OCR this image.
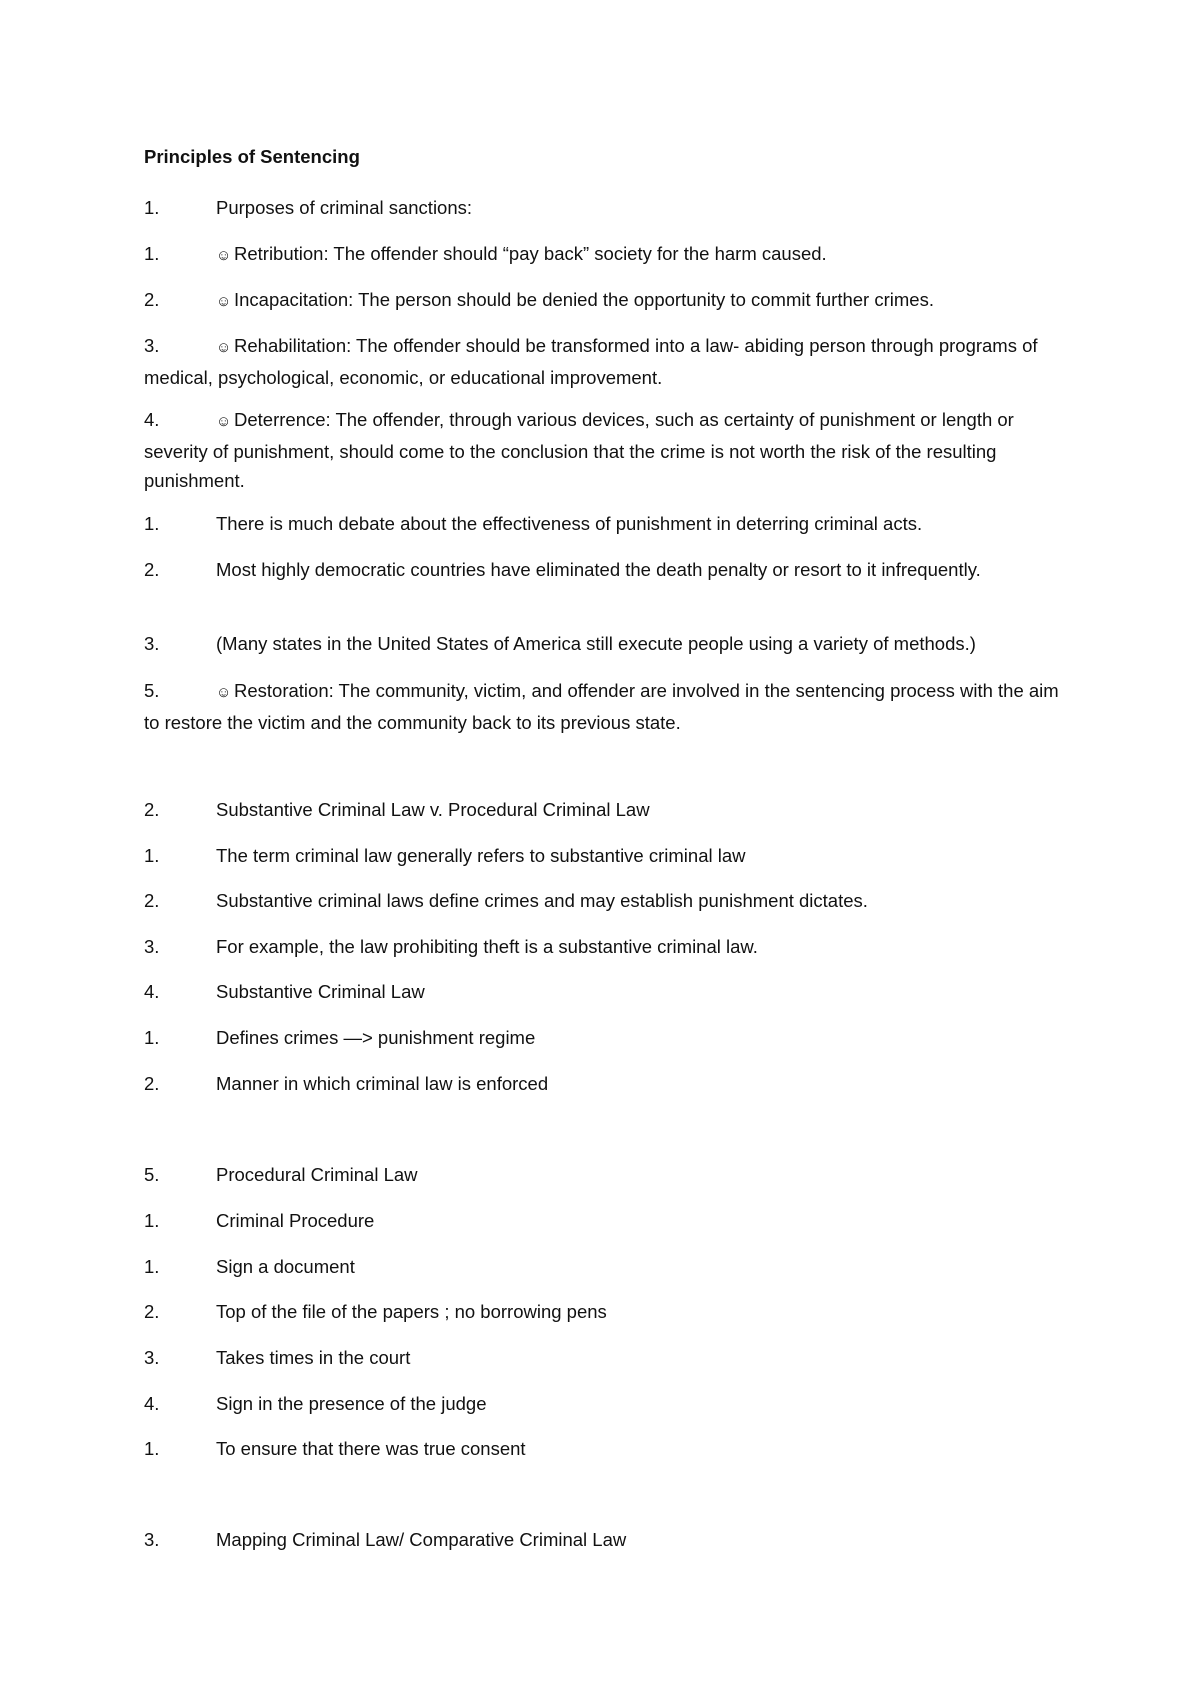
Principles of Sentencing

1.	Purposes of criminal sanctions:

1.	☺ Retribution: The offender should “pay back” society for the harm caused.

2.	☺ Incapacitation: The person should be denied the opportunity to commit further crimes.

3.	☺ Rehabilitation: The offender should be transformed into a law- abiding person through programs of medical, psychological, economic, or educational improvement.

4.	☺ Deterrence: The offender, through various devices, such as certainty of punishment or length or severity of punishment, should come to the conclusion that the crime is not worth the risk of the resulting punishment.

1.	There is much debate about the effectiveness of punishment in deterring criminal acts.

2.	Most highly democratic countries have eliminated the death penalty or resort to it infrequently.

3.	(Many states in the United States of America still execute people using a variety of methods.)

5.	☺ Restoration: The community, victim, and offender are involved in the sentencing process with the aim to restore the victim and the community back to its previous state.

2.	Substantive Criminal Law v. Procedural Criminal Law

1.	The term criminal law generally refers to substantive criminal law

2.	Substantive criminal laws define crimes and may establish punishment dictates.

3.	For example, the law prohibiting theft is a substantive criminal law.

4.	Substantive Criminal Law

1.	Defines crimes —> punishment regime

2.	Manner in which criminal law is enforced

5.	Procedural Criminal Law

1.	Criminal Procedure

1.	Sign a document

2.	Top of the file of the papers ; no borrowing pens

3.	Takes times in the court

4.	Sign in the presence of the judge

1.	To ensure that there was true consent

3.	Mapping Criminal Law/ Comparative Criminal Law
